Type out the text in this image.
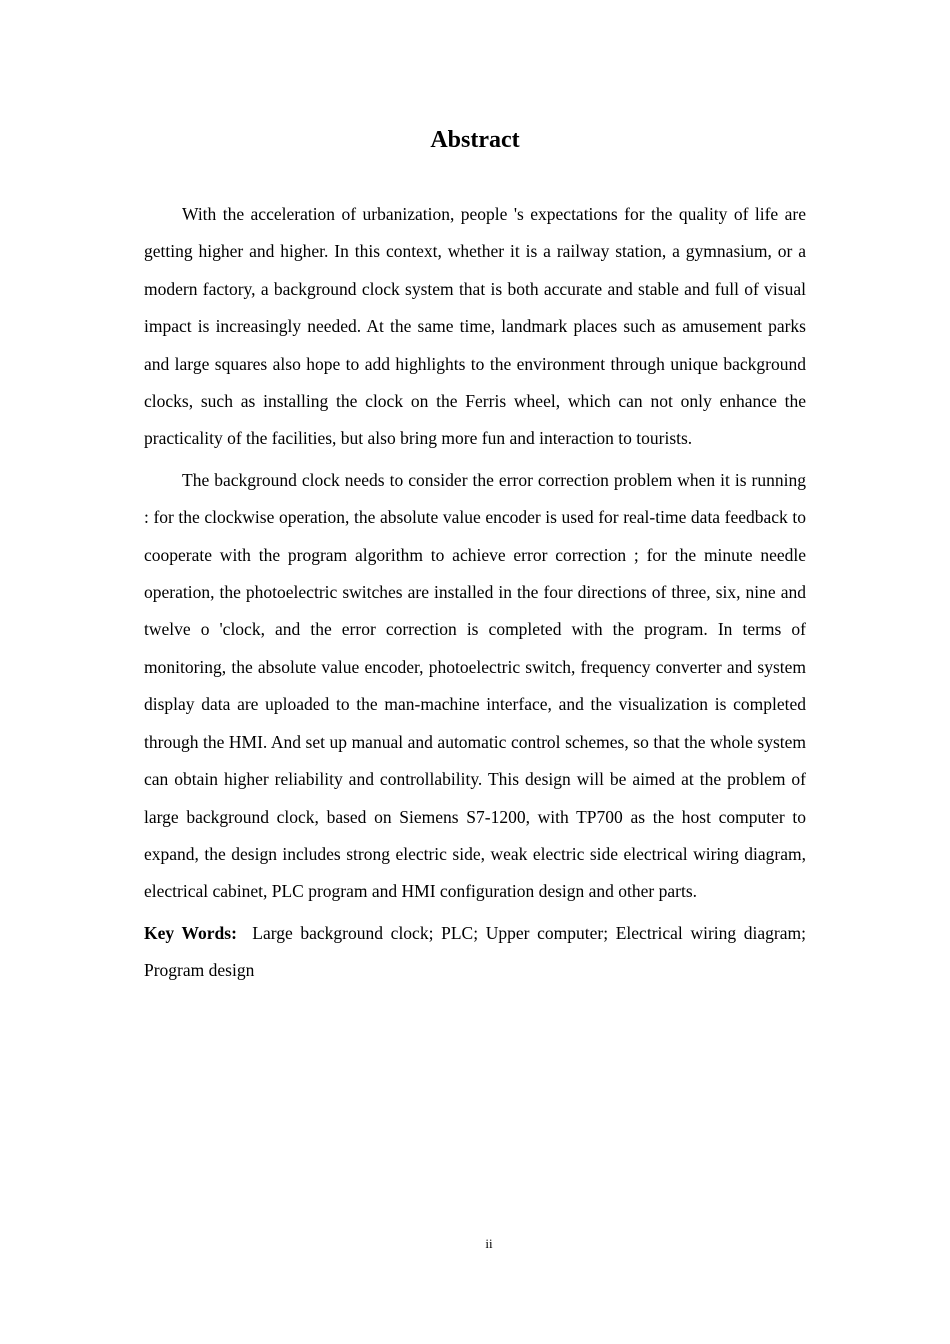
Abstract

With the acceleration of urbanization, people 's expectations for the quality of life are getting higher and higher. In this context, whether it is a railway station, a gymnasium, or a modern factory, a background clock system that is both accurate and stable and full of visual impact is increasingly needed. At the same time, landmark places such as amusement parks and large squares also hope to add highlights to the environment through unique background clocks, such as installing the clock on the Ferris wheel, which can not only enhance the practicality of the facilities, but also bring more fun and interaction to tourists.

The background clock needs to consider the error correction problem when it is running : for the clockwise operation, the absolute value encoder is used for real-time data feedback to cooperate with the program algorithm to achieve error correction ; for the minute needle operation, the photoelectric switches are installed in the four directions of three, six, nine and twelve o 'clock, and the error correction is completed with the program. In terms of monitoring, the absolute value encoder, photoelectric switch, frequency converter and system display data are uploaded to the man-machine interface, and the visualization is completed through the HMI. And set up manual and automatic control schemes, so that the whole system can obtain higher reliability and controllability. This design will be aimed at the problem of large background clock, based on Siemens S7-1200, with TP700 as the host computer to expand, the design includes strong electric side, weak electric side electrical wiring diagram, electrical cabinet, PLC program and HMI configuration design and other parts.

Key Words: Large background clock; PLC; Upper computer; Electrical wiring diagram; Program design

ii
